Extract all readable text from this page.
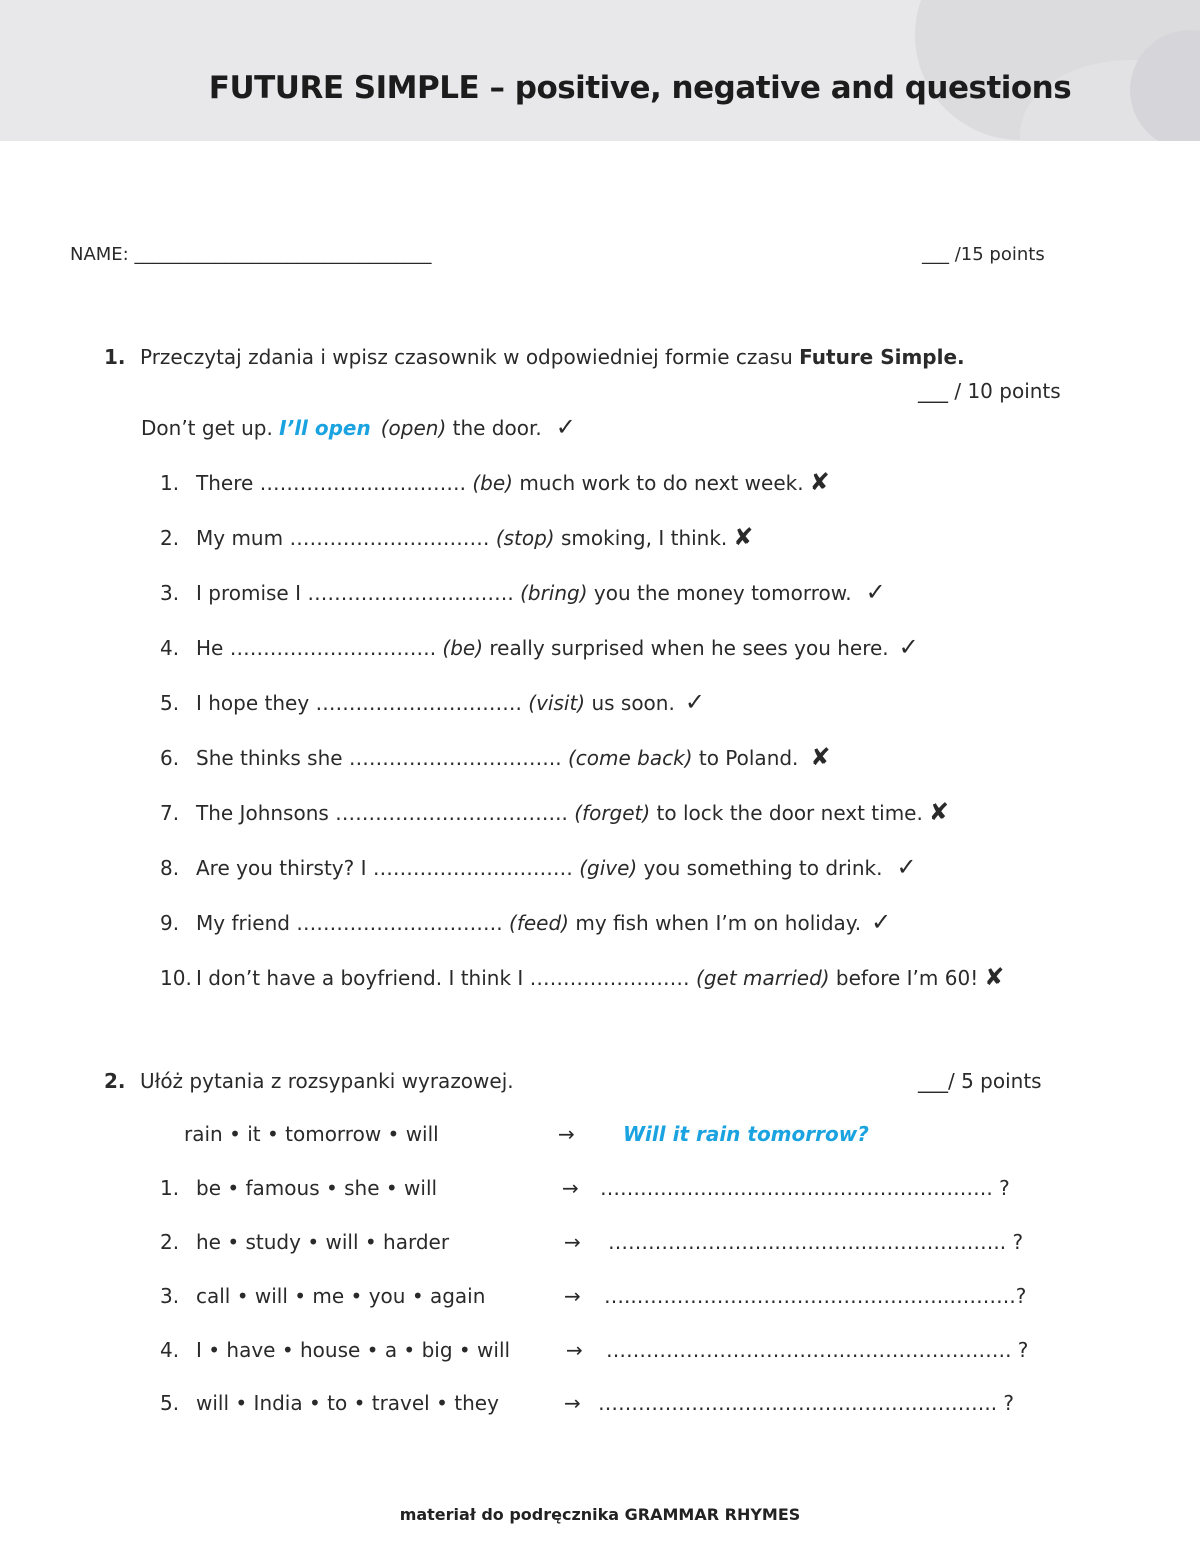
FUTURE SIMPLE – positive, negative and questions
NAME: _________________________________	___ /15 points
1. Przeczytaj zdania i wpisz czasownik w odpowiedniej formie czasu Future Simple.
___ / 10 points
Don’t get up. I’ll open (open) the door. ✓
1. There …………………………. (be) much work to do next week. ✘
2. My mum ………………………… (stop) smoking, I think. ✘
3. I promise I …………………………. (bring) you the money tomorrow. ✓
4. He …………………………. (be) really surprised when he sees you here. ✓
5. I hope they …………………………. (visit) us soon. ✓
6. She thinks she ………………………….. (come back) to Poland. ✘
7. The Johnsons …………………………….. (forget) to lock the door next time. ✘
8. Are you thirsty? I ………………………… (give) you something to drink. ✓
9. My friend …………………………. (feed) my fish when I’m on holiday. ✓
10. I don’t have a boyfriend. I think I …………………… (get married) before I’m 60! ✘
2. Ułóż pytania z rozsypanki wyrazowej.	___/ 5 points
rain • it • tomorrow • will	→ Will it rain tomorrow?
1. be • famous • she • will	→ …………………………….……………………. ?
2. he • study • will • harder	→ ……………………..…………..……………….. ?
3. call • will • me • you • again	→ …..………………………………………..……….?
4. I • have • house • a • big • will	→ ………………………….…..……………………. ?
5. will • India • to • travel • they	→ ……………………………….………………….. ?
materiał do podręcznika GRAMMAR RHYMES
